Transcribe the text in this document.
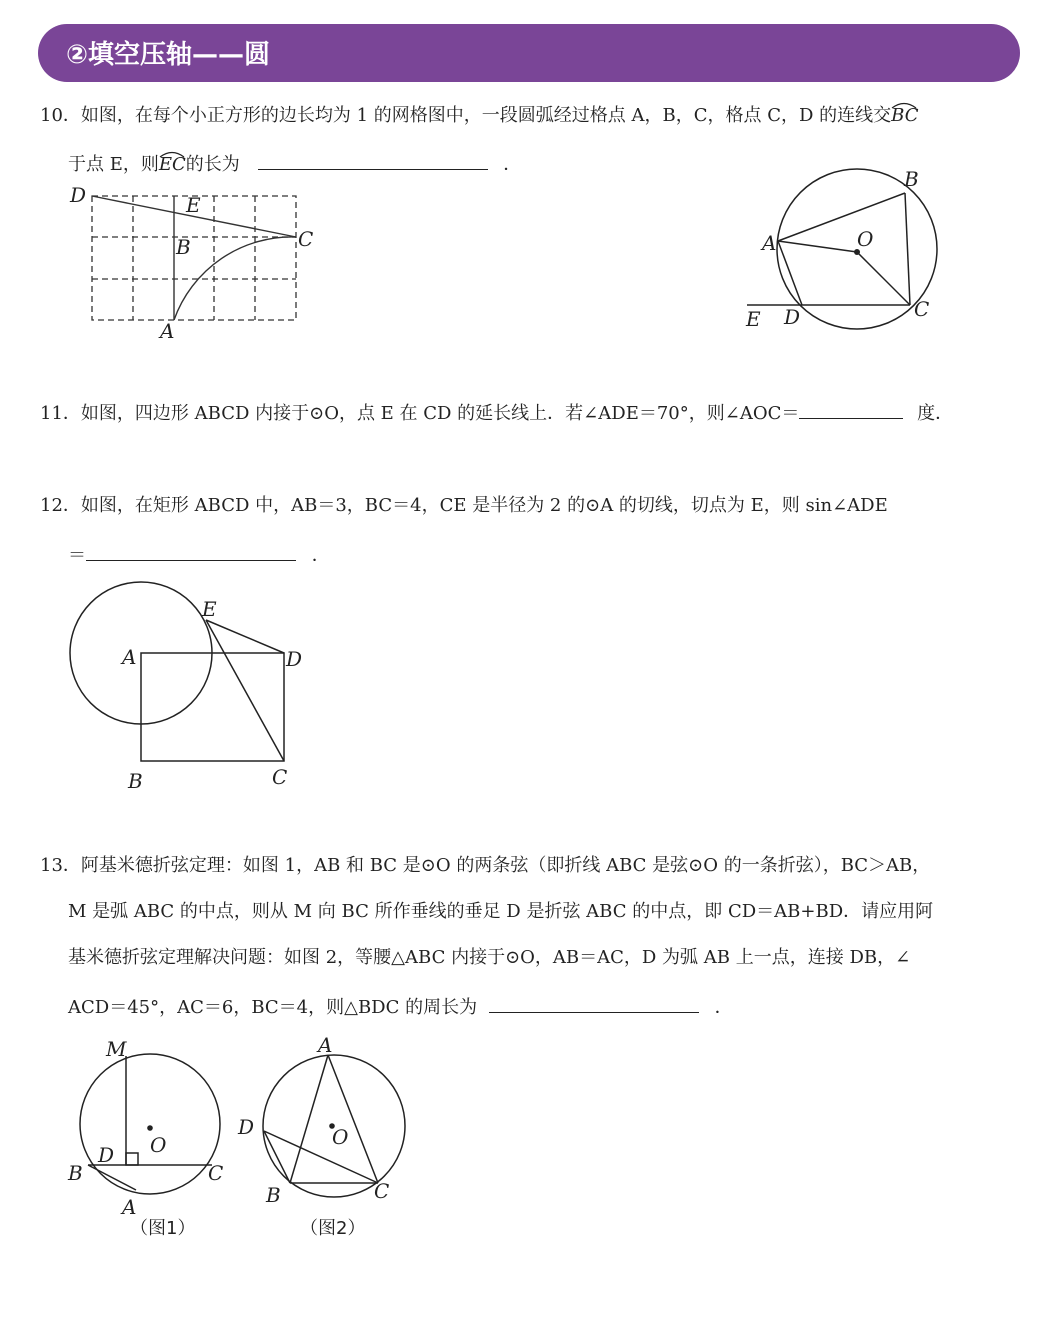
②填空压轴——圆
10．如图，在每个小正方形的边长均为 1 的网格图中，一段圆弧经过格点 A，B，C，格点 C，D 的连线交BC
于点 E，则EC
的长为	．
D	E
B	C
A
B
A	O
C
E D
11．如图，四边形 ABCD 内接于⊙O，点 E 在 CD 的延长线上．若∠ADE＝70°，则∠AOC＝	度．
12．如图，在矩形 ABCD 中，AB＝3，BC＝4，CE 是半径为 2 的⊙A 的切线，切点为 E，则 sin∠ADE
＝	．
E
A	D
B	C
13．阿基米德折弦定理：如图 1，AB 和 BC 是⊙O 的两条弦（即折线 ABC 是弦⊙O 的一条折弦），BC＞AB，
M 是弧 ABC 的中点，则从 M 向 BC 所作垂线的垂足 D 是折弦 ABC 的中点，即 CD＝AB+BD．请应用阿
基米德折弦定理解决问题：如图 2，等腰△ABC 内接于⊙O，AB＝AC，D 为弧 AB 上一点，连接 DB，∠
ACD＝45°，AC＝6，BC＝4，则△BDC 的周长为	．
M
O
D
B	C
A
（图1）
A
D	O
B	C
（图2）
